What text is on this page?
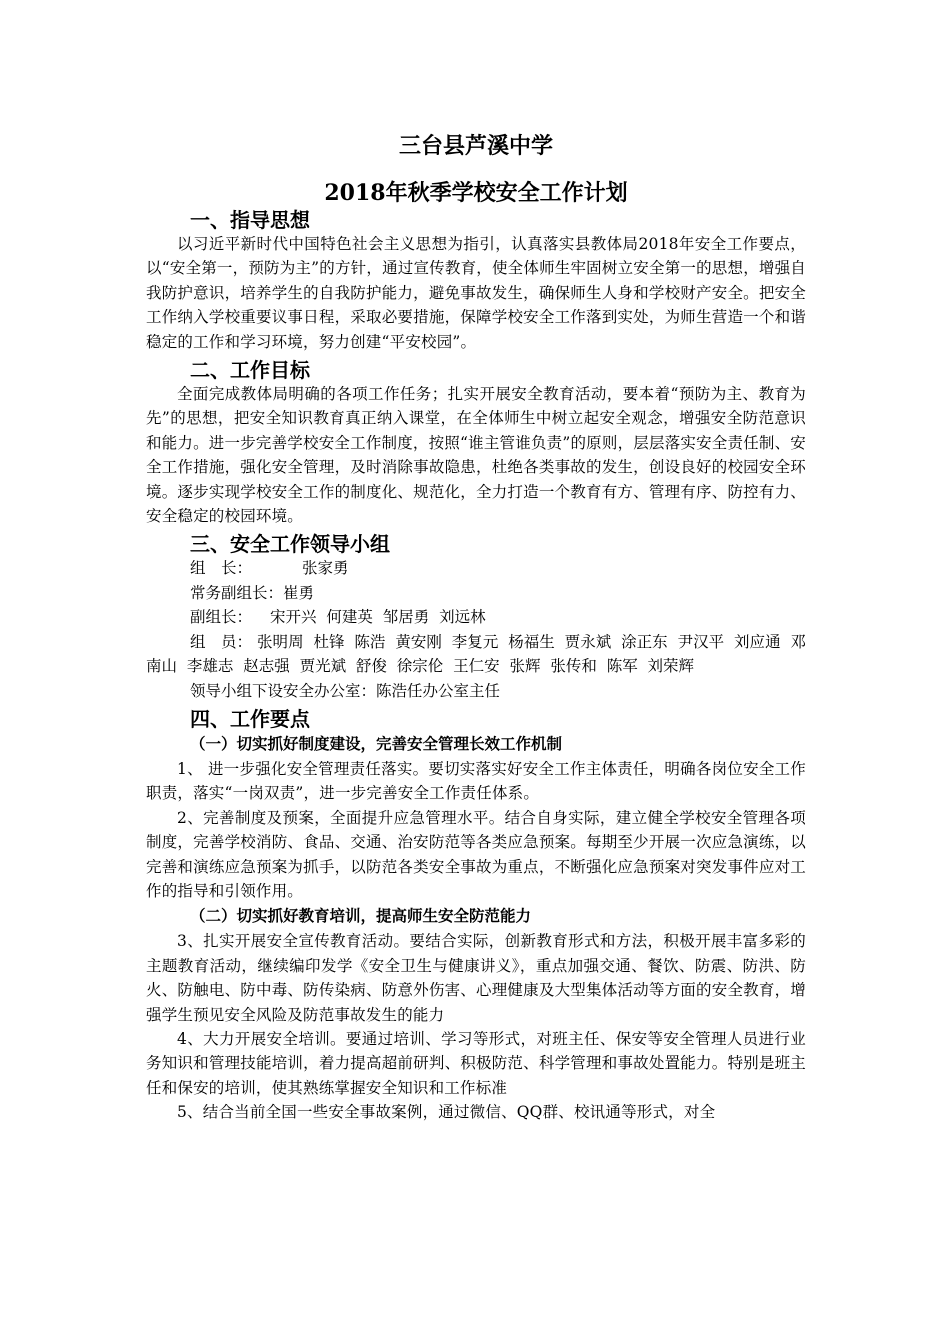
三台县芦溪中学

2018年秋季学校安全工作计划

一、指导思想

以习近平新时代中国特色社会主义思想为指引，认真落实县教体局2018年安全工作要点，以“安全第一，预防为主”的方针，通过宣传教育，使全体师生牢固树立安全第一的思想，增强自我防护意识，培养学生的自我防护能力，避免事故发生，确保师生人身和学校财产安全。把安全工作纳入学校重要议事日程，采取必要措施，保障学校安全工作落到实处，为师生营造一个和谐稳定的工作和学习环境，努力创建“平安校园”。

二、工作目标

全面完成教体局明确的各项工作任务；扎实开展安全教育活动，要本着“预防为主、教育为先”的思想，把安全知识教育真正纳入课堂，在全体师生中树立起安全观念，增强安全防范意识和能力。进一步完善学校安全工作制度，按照“谁主管谁负责”的原则，层层落实安全责任制、安全工作措施，强化安全管理，及时消除事故隐患，杜绝各类事故的发生，创设良好的校园安全环境。逐步实现学校安全工作的制度化、规范化，全力打造一个教育有方、管理有序、防控有力、安全稳定的校园环境。

三、安全工作领导小组

组　长：	张家勇

常务副组长：崔勇

副组长： 宋开兴  何建英  邹居勇  刘远林

组　员： 张明周  杜锋  陈浩  黄安刚  李复元  杨福生  贾永斌  涂正东  尹汉平  刘应通  邓南山  李雄志  赵志强  贾光斌  舒俊  徐宗伦  王仁安  张辉  张传和  陈军  刘荣辉

领导小组下设安全办公室：陈浩任办公室主任

四、工作要点

（一）切实抓好制度建设，完善安全管理长效工作机制

1、 进一步强化安全管理责任落实。要切实落实好安全工作主体责任，明确各岗位安全工作职责，落实“一岗双责”，进一步完善安全工作责任体系。

2、完善制度及预案，全面提升应急管理水平。结合自身实际，建立健全学校安全管理各项制度，完善学校消防、食品、交通、治安防范等各类应急预案。每期至少开展一次应急演练，以完善和演练应急预案为抓手，以防范各类安全事故为重点，不断强化应急预案对突发事件应对工作的指导和引领作用。

（二）切实抓好教育培训，提高师生安全防范能力

3、扎实开展安全宣传教育活动。要结合实际，创新教育形式和方法，积极开展丰富多彩的主题教育活动，继续编印发学《安全卫生与健康讲义》，重点加强交通、餐饮、防震、防洪、防火、防触电、防中毒、防传染病、防意外伤害、心理健康及大型集体活动等方面的安全教育，增强学生预见安全风险及防范事故发生的能力

4、大力开展安全培训。要通过培训、学习等形式，对班主任、保安等安全管理人员进行业务知识和管理技能培训，着力提高超前研判、积极防范、科学管理和事故处置能力。特别是班主任和保安的培训，使其熟练掌握安全知识和工作标准

5、结合当前全国一些安全事故案例，通过微信、QQ群、校讯通等形式，对全
